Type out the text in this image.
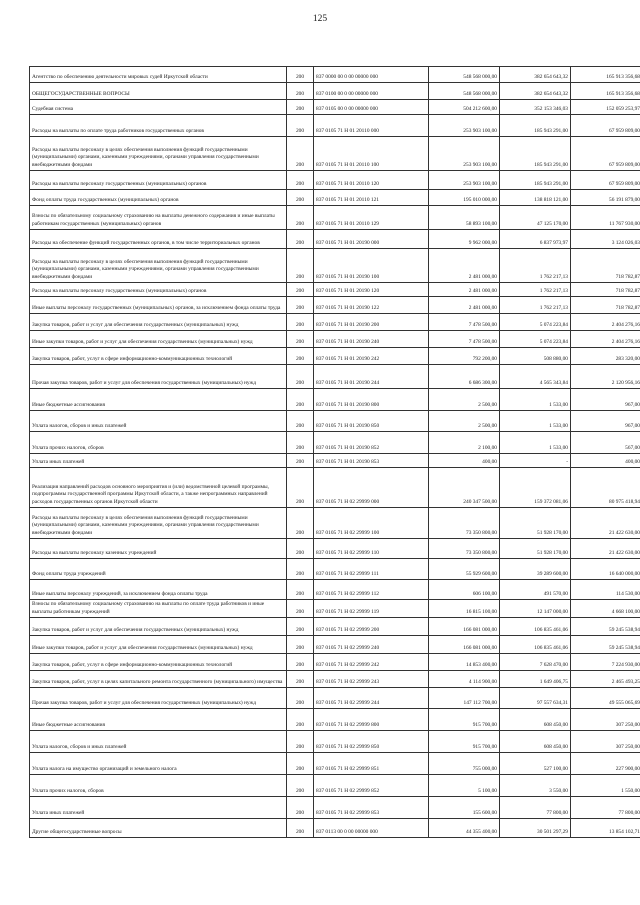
125
Агентство по обеспечению деятельности мировых судей Иркутской области	200	837 0000 00 0 00 00000 000	548 568 000,00	382 654 643,32	165 913 356,68
ОБЩЕГОСУДАРСТВЕННЫЕ ВОПРОСЫ	200	837 0100 00 0 00 00000 000	548 568 000,00	382 654 643,32	165 913 356,68
Судебная система	200	837 0105 00 0 00 00000 000	504 212 600,00	352 153 346,03	152 059 253,97
Расходы на выплаты по оплате труда работников государственных органов	200	837 0105 71 Н 01 20110 000	253 903 100,00	185 943 291,00	67 959 809,00
Расходы на выплаты персоналу в целях обеспечения выполнения функций государственными (муниципальными) органами, казенными учреждениями, органами управления государственными внебюджетными фондами	200	837 0105 71 Н 01 20110 100	253 903 100,00	185 943 291,00	67 959 809,00
Расходы на выплаты персоналу государственных (муниципальных) органов	200	837 0105 71 Н 01 20110 120	253 903 100,00	185 943 291,00	67 959 809,00
Фонд оплаты труда государственных (муниципальных) органов	200	837 0105 71 Н 01 20110 121	195 010 000,00	138 818 121,00	56 191 879,00
Взносы по обязательному социальному страхованию на выплаты денежного содержания и иные выплаты работникам государственных (муниципальных) органов	200	837 0105 71 Н 01 20110 129	58 893 100,00	47 125 170,00	11 767 930,00
Расходы на обеспечение функций государственных органов, в том числе территориальных органов	200	837 0105 71 Н 01 20190 000	9 962 000,00	6 837 973,97	3 124 026,03
Расходы на выплаты персоналу в целях обеспечения выполнения функций государственными (муниципальными) органами, казенными учреждениями, органами управления государственными внебюджетными фондами	200	837 0105 71 Н 01 20190 100	2 481 000,00	1 762 217,13	718 782,87
Расходы на выплаты персоналу государственных (муниципальных) органов	200	837 0105 71 Н 01 20190 120	2 481 000,00	1 762 217,13	718 782,87
Иные выплаты персоналу государственных (муниципальных) органов, за исключением фонда оплаты труда	200	837 0105 71 Н 01 20190 122	2 481 000,00	1 762 217,13	718 782,87
Закупка товаров, работ и услуг для обеспечения государственных (муниципальных) нужд	200	837 0105 71 Н 01 20190 200	7 478 500,00	5 074 223,84	2 404 276,16
Иные закупки товаров, работ и услуг для обеспечения государственных (муниципальных) нужд	200	837 0105 71 Н 01 20190 240	7 478 500,00	5 074 223,84	2 404 276,16
Закупка товаров, работ, услуг в сфере информационно-коммуникационных технологий	200	837 0105 71 Н 01 20190 242	792 200,00	508 880,00	283 320,00
Прочая закупка товаров, работ и услуг для обеспечения государственных (муниципальных) нужд	200	837 0105 71 Н 01 20190 244	6 686 300,00	4 565 343,84	2 120 956,16
Иные бюджетные ассигнования	200	837 0105 71 Н 01 20190 800	2 500,00	1 533,00	967,00
Уплата налогов, сборов и иных платежей	200	837 0105 71 Н 01 20190 850	2 500,00	1 533,00	967,00
Уплата прочих налогов, сборов	200	837 0105 71 Н 01 20190 852	2 100,00	1 533,00	567,00
Уплата иных платежей	200	837 0105 71 Н 01 20190 853	400,00	-	400,00
Реализация направлений расходов основного мероприятия и (или) ведомственной целевой программы, подпрограммы государственной программы Иркутской области, а также непрограммных направлений расходов государственных органов Иркутской области	200	837 0105 71 Н 02 29999 000	240 347 500,00	159 372 081,06	80 975 418,94
Расходы на выплаты персоналу в целях обеспечения выполнения функций государственными (муниципальными) органами, казенными учреждениями, органами управления государственными внебюджетными фондами	200	837 0105 71 Н 02 29999 100	73 350 800,00	51 928 170,00	21 422 630,00
Расходы на выплаты персоналу казенных учреждений	200	837 0105 71 Н 02 29999 110	73 350 800,00	51 928 170,00	21 422 630,00
Фонд оплаты труда учреждений	200	837 0105 71 Н 02 29999 111	55 929 600,00	39 289 600,00	16 640 000,00
Иные выплаты персоналу учреждений, за исключением фонда оплаты труда	200	837 0105 71 Н 02 29999 112	606 100,00	491 570,00	114 530,00
Взносы по обязательному социальному страхованию на выплаты по оплате труда работников и иные выплаты работникам учреждений	200	837 0105 71 Н 02 29999 119	16 815 100,00	12 147 000,00	4 668 100,00
Закупка товаров, работ и услуг для обеспечения государственных (муниципальных) нужд	200	837 0105 71 Н 02 29999 200	166 081 000,00	106 835 461,06	59 245 538,94
Иные закупки товаров, работ и услуг для обеспечения государственных (муниципальных) нужд	200	837 0105 71 Н 02 29999 240	166 081 000,00	106 835 461,06	59 245 538,94
Закупка товаров, работ, услуг в сфере информационно-коммуникационных технологий	200	837 0105 71 Н 02 29999 242	14 853 400,00	7 628 470,00	7 224 930,00
Закупка товаров, работ, услуг в целях капитального ремонта государственного (муниципального) имущества	200	837 0105 71 Н 02 29999 243	4 114 900,00	1 649 406,75	2 465 493,25
Прочая закупка товаров, работ и услуг для обеспечения государственных (муниципальных) нужд	200	837 0105 71 Н 02 29999 244	147 112 700,00	97 557 634,31	49 555 065,69
Иные бюджетные ассигнования	200	837 0105 71 Н 02 29999 800	915 700,00	608 450,00	307 250,00
Уплата налогов, сборов и иных платежей	200	837 0105 71 Н 02 29999 850	915 700,00	608 450,00	307 250,00
Уплата налога на имущество организаций и земельного налога	200	837 0105 71 Н 02 29999 851	755 000,00	527 100,00	227 900,00
Уплата прочих налогов, сборов	200	837 0105 71 Н 02 29999 852	5 100,00	3 550,00	1 550,00
Уплата иных платежей	200	837 0105 71 Н 02 29999 853	155 600,00	77 800,00	77 800,00
Другие общегосударственные вопросы	200	837 0113 00 0 00 00000 000	44 355 400,00	30 501 297,29	13 854 102,71
